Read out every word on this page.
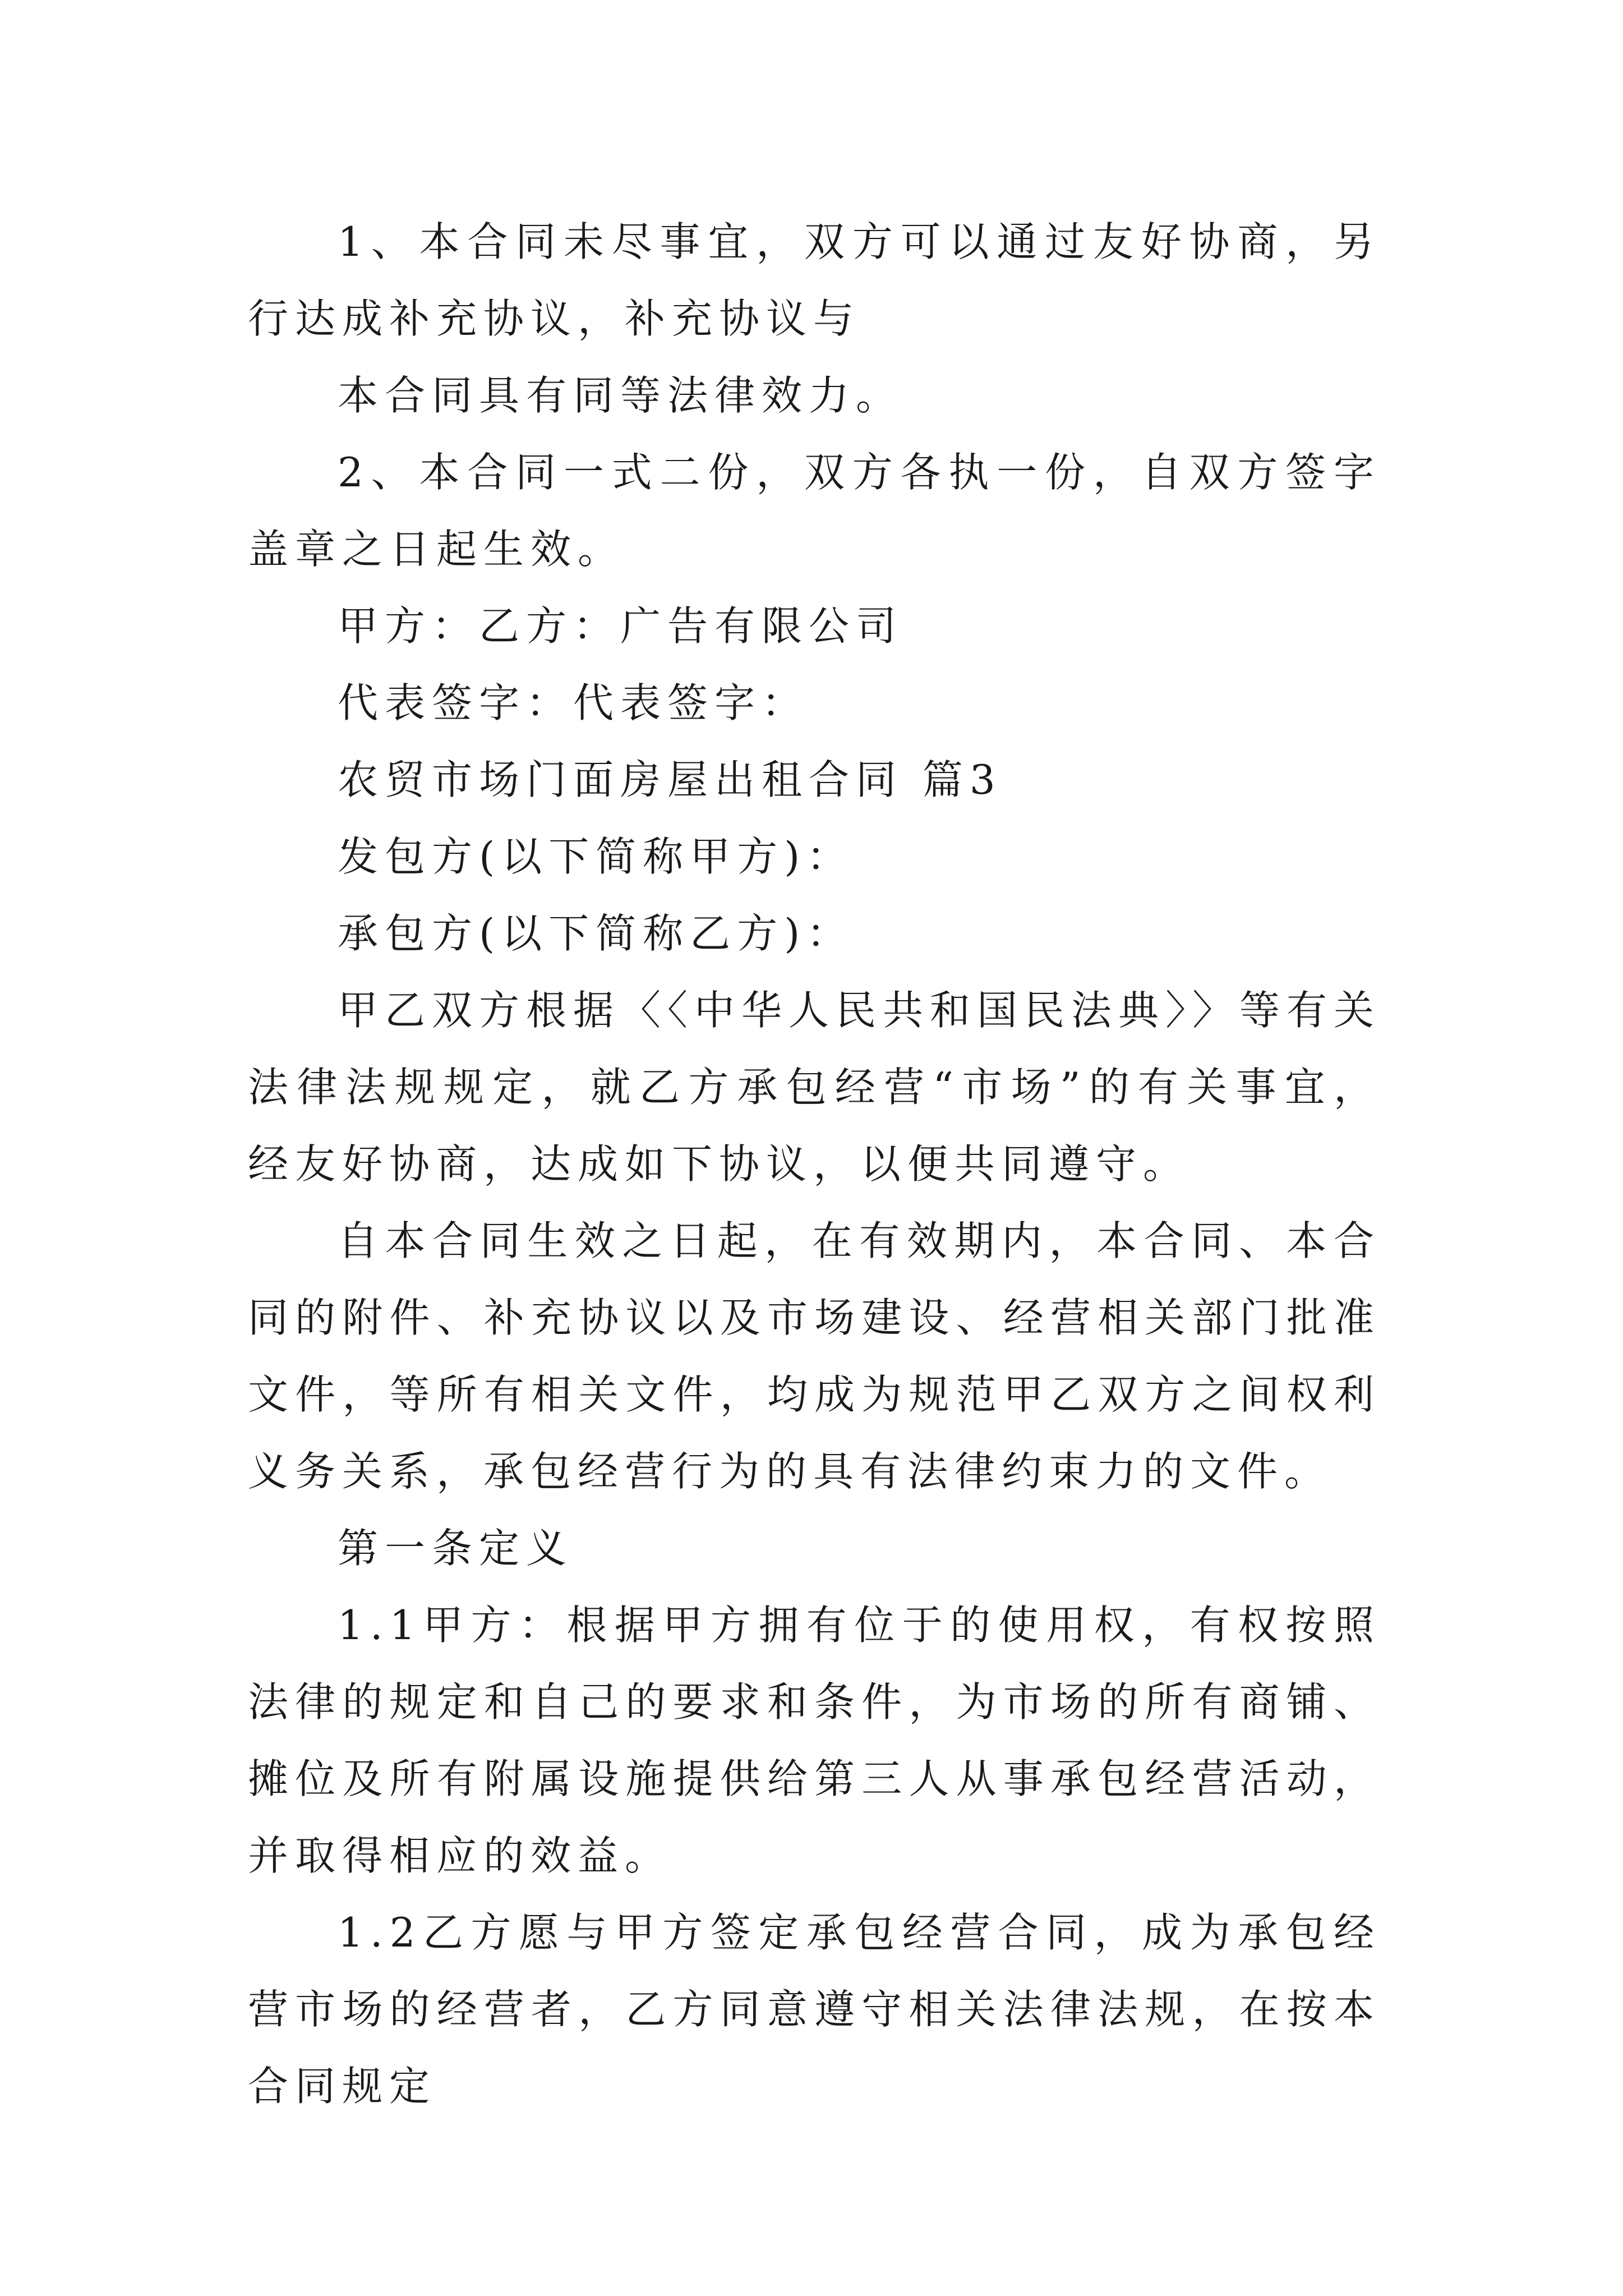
1、本合同未尽事宜，双方可以通过友好协商，另行达成补充协议，补充协议与

本合同具有同等法律效力。

2、本合同一式二份，双方各执一份，自双方签字盖章之日起生效。

甲方：乙方：广告有限公司

代表签字：代表签字：

农贸市场门面房屋出租合同 篇3

发包方(以下简称甲方)：

承包方(以下简称乙方)：

甲乙双方根据〈〈中华人民共和国民法典〉〉等有关法律法规规定，就乙方承包经营“市场”的有关事宜，经友好协商，达成如下协议，以便共同遵守。

自本合同生效之日起，在有效期内，本合同、本合同的附件、补充协议以及市场建设、经营相关部门批准文件，等所有相关文件，均成为规范甲乙双方之间权利义务关系，承包经营行为的具有法律约束力的文件。

第一条定义

1.1甲方：根据甲方拥有位于的使用权，有权按照法律的规定和自己的要求和条件，为市场的所有商铺、摊位及所有附属设施提供给第三人从事承包经营活动，并取得相应的效益。

1.2乙方愿与甲方签定承包经营合同，成为承包经营市场的经营者，乙方同意遵守相关法律法规，在按本合同规定
